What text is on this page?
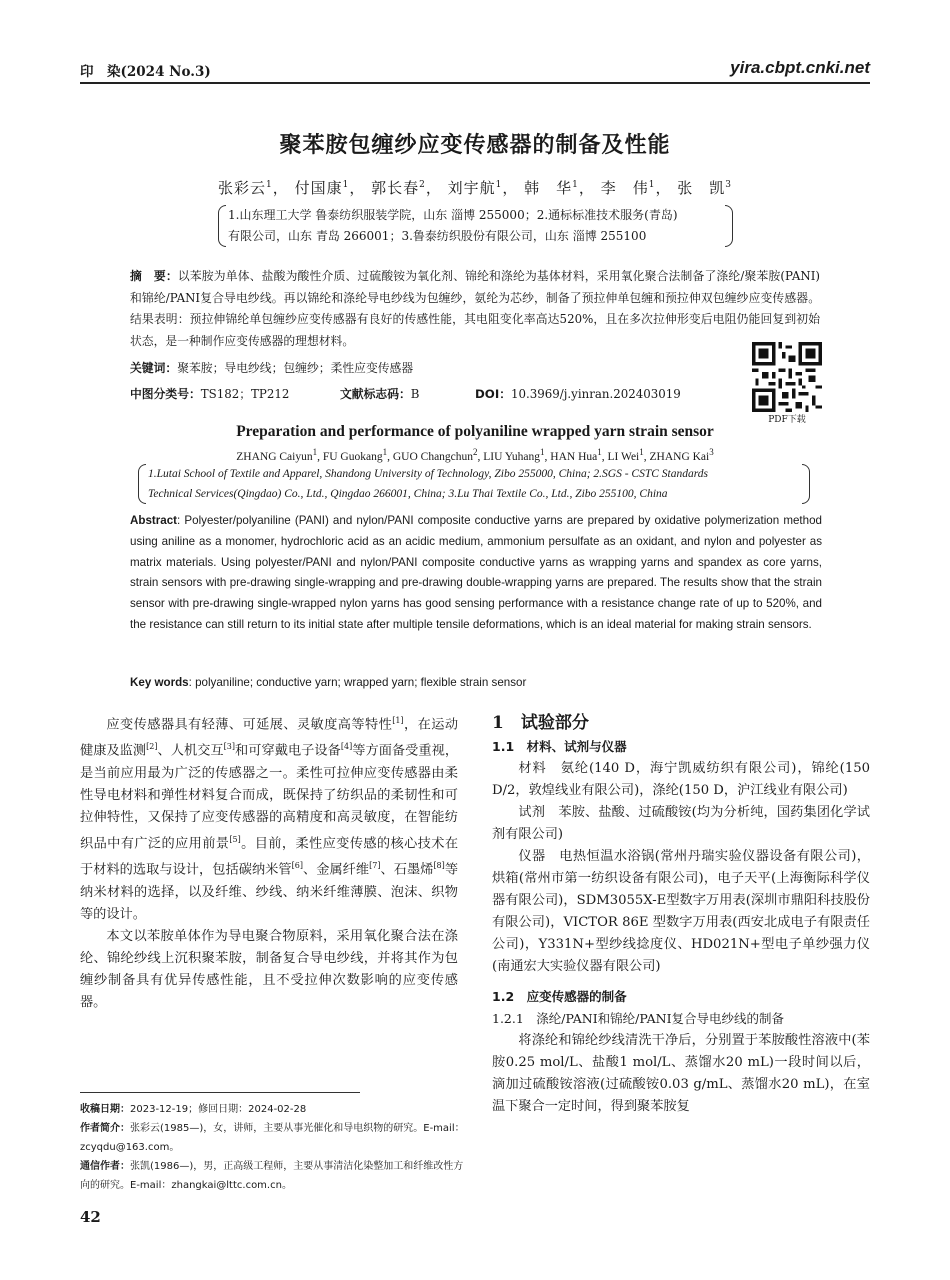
印　染(2024 No.3)	yira.cbpt.cnki.net
聚苯胺包缠纱应变传感器的制备及性能
张彩云$^1$， 付国康$^1$， 郭长春$^2$， 刘宇航$^1$， 韩　华$^1$， 李　伟$^1$， 张　凯$^3$
1.山东理工大学 鲁泰纺织服装学院，山东 淄博 255000；2.通标标准技术服务(青岛)
有限公司，山东 青岛 266001；3.鲁泰纺织股份有限公司，山东 淄博 255100
摘　要：以苯胺为单体、盐酸为酸性介质、过硫酸铵为氧化剂、锦纶和涤纶为基体材料，采用氧化聚合法制备了涤纶/聚苯胺(PANI)和锦纶/PANI复合导电纱线。再以锦纶和涤纶导电纱线为包缠纱，氨纶为芯纱，制备了预拉伸单包缠和预拉伸双包缠纱应变传感器。结果表明：预拉伸锦纶单包缠纱应变传感器有良好的传感性能，其电阻变化率高达520%，且在多次拉伸形变后电阻仍能回复到初始状态，是一种制作应变传感器的理想材料。
关键词：聚苯胺；导电纱线；包缠纱；柔性应变传感器
中图分类号：TS182；TP212	文献标志码：B	DOI：10.3969/j.yinran.202403019
PDF下载
Preparation and performance of polyaniline wrapped yarn strain sensor
ZHANG Caiyun$^1$, FU Guokang$^1$, GUO Changchun$^2$, LIU Yuhang$^1$, HAN Hua$^1$, LI Wei$^1$, ZHANG Kai$^3$
1.Lutai School of Textile and Apparel, Shandong University of Technology, Zibo 255000, China; 2.SGS - CSTC Standards
Technical Services(Qingdao) Co., Ltd., Qingdao 266001, China; 3.Lu Thai Textile Co., Ltd., Zibo 255100, China
Abstract: Polyester/polyaniline (PANI) and nylon/PANI composite conductive yarns are prepared by oxidative polymerization method using aniline as a monomer, hydrochloric acid as an acidic medium, ammonium persulfate as an oxidant, and nylon and polyester as matrix materials. Using polyester/PANI and nylon/PANI composite conductive yarns as wrapping yarns and spandex as core yarns, strain sensors with pre-drawing single-wrapping and pre-drawing double-wrapping yarns are prepared. The results show that the strain sensor with pre-drawing single-wrapped nylon yarns has good sensing performance with a resistance change rate of up to 520%, and the resistance can still return to its initial state after multiple tensile deformations, which is an ideal material for making strain sensors.
Key words: polyaniline; conductive yarn; wrapped yarn; flexible strain sensor

应变传感器具有轻薄、可延展、灵敏度高等特性[1]，在运动健康及监测[2]、人机交互[3]和可穿戴电子设备[4]等方面备受重视，是当前应用最为广泛的传感器之一。柔性可拉伸应变传感器由柔性导电材料和弹性材料复合而成，既保持了纺织品的柔韧性和可拉伸特性，又保持了应变传感器的高精度和高灵敏度，在智能纺织品中有广泛的应用前景[5]。目前，柔性应变传感的核心技术在于材料的选取与设计，包括碳纳米管[6]、金属纤维[7]、石墨烯[8]等纳米材料的选择，以及纤维、纱线、纳米纤维薄膜、泡沫、织物等的设计。

本文以苯胺单体作为导电聚合物原料，采用氧化聚合法在涤纶、锦纶纱线上沉积聚苯胺，制备复合导电纱线，并将其作为包缠纱制备具有优异传感性能，且不受拉伸次数影响的应变传感器。

1　试验部分
1.1　材料、试剂与仪器

材料　氨纶(140 D，海宁凯威纺织有限公司)，锦纶(150 D/2，敦煌线业有限公司)，涤纶(150 D，沪江线业有限公司)

试剂　苯胺、盐酸、过硫酸铵(均为分析纯，国药集团化学试剂有限公司)

仪器　电热恒温水浴锅(常州丹瑞实验仪器设备有限公司)，烘箱(常州市第一纺织设备有限公司)，电子天平(上海衡际科学仪器有限公司)，SDM3055X-E型数字万用表(深圳市鼎阳科技股份有限公司)，VICTOR 86E 型数字万用表(西安北成电子有限责任公司)，Y331N+型纱线捻度仪、HD021N+型电子单纱强力仪(南通宏大实验仪器有限公司)

1.2　应变传感器的制备
1.2.1　涤纶/PANI和锦纶/PANI复合导电纱线的制备

将涤纶和锦纶纱线清洗干净后，分别置于苯胺酸性溶液中(苯胺0.25 mol/L、盐酸1 mol/L、蒸馏水20 mL)一段时间以后，滴加过硫酸铵溶液(过硫酸铵0.03 g/mL、蒸馏水20 mL)，在室温下聚合一定时间，得到聚苯胺复

收稿日期：2023-12-19；修回日期：2024-02-28
作者简介：张彩云(1985—)，女，讲师，主要从事光催化和导电织物的研究。E-mail：zcyqdu@163.com。
通信作者：张凯(1986—)，男，正高级工程师，主要从事清洁化染整加工和纤维改性方向的研究。E-mail：zhangkai@lttc.com.cn。
42
